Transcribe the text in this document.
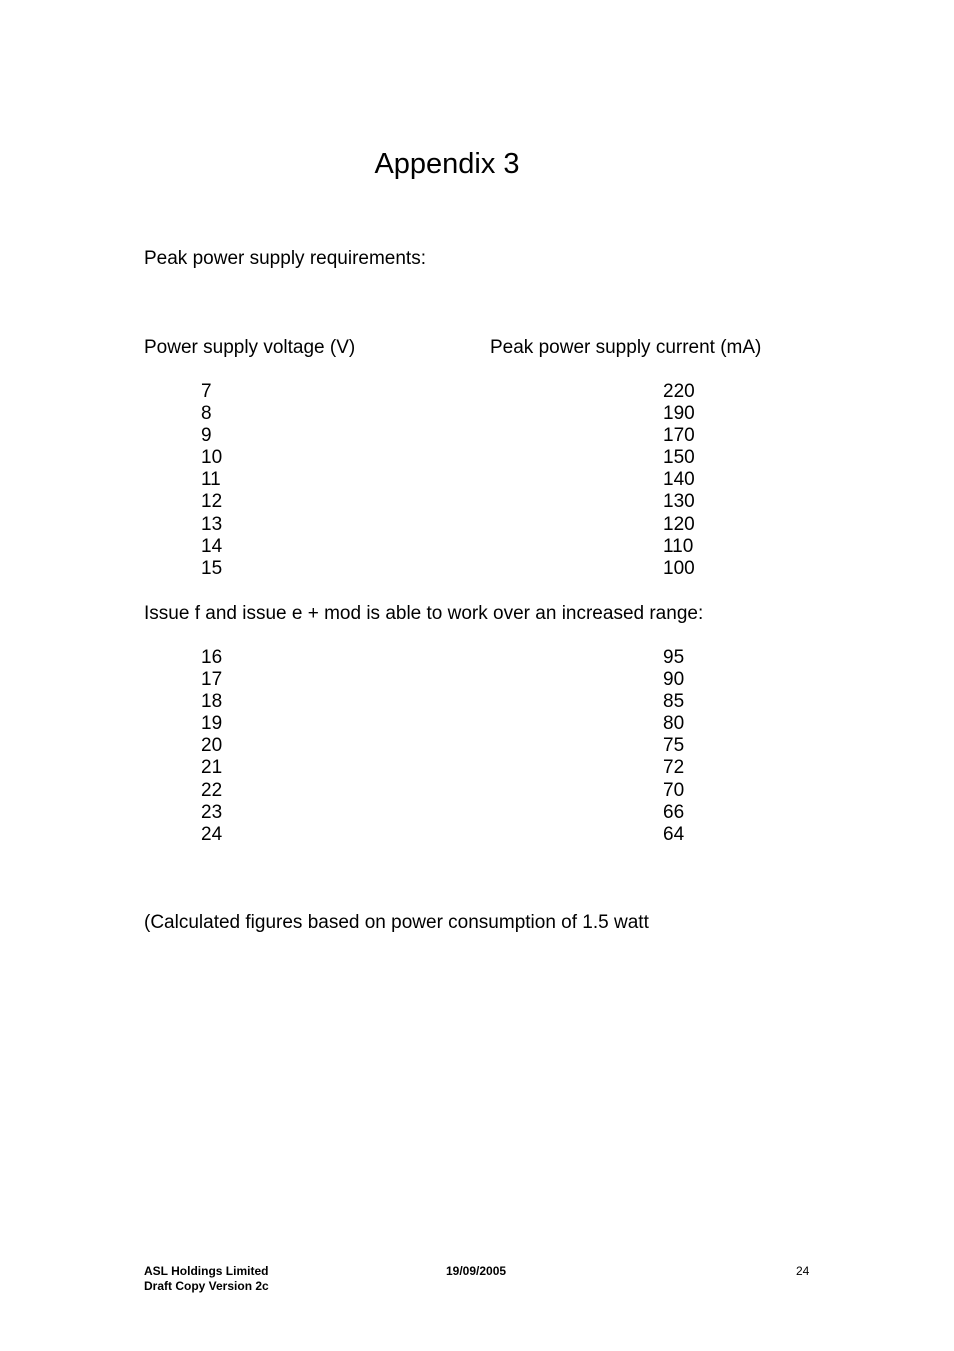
Appendix 3
Peak power supply requirements:
Power supply voltage (V)	Peak power supply current (mA)
7	220
8	190
9	170
10	150
11	140
12	130
13	120
14	110
15	100
Issue f and issue e + mod is able to work over an increased range:
16	95
17	90
18	85
19	80
20	75
21	72
22	70
23	66
24	64
(Calculated figures based on power consumption of 1.5 watt
ASL Holdings Limited
Draft Copy Version 2c
19/09/2005	24
